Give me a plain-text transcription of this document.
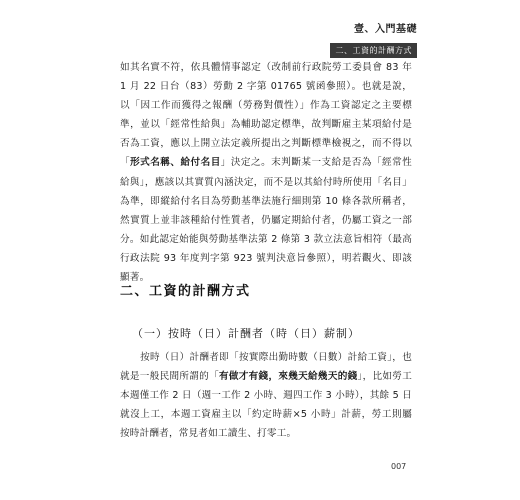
壹、入門基礎
二、工資的計酬方式

如其名實不符，依具體情事認定（改制前行政院勞工委員會 83 年 1 月 22 日台（83）勞動 2 字第 01765 號函參照）。也就是說，以「因工作而獲得之報酬（勞務對價性）」作為工資認定之主要標準，並以「經常性給與」為輔助認定標準，故判斷雇主某項給付是否為工資，應以上開立法定義所提出之判斷標準檢視之，而不得以「形式名稱、給付名目」決定之。末判斷某一支給是否為「經常性給與」，應該以其實質內涵決定，而不是以其給付時所使用「名目」為準，即縱給付名目為勞動基準法施行細則第 10 條各款所稱者，然實質上並非該種給付性質者，仍屬定期給付者，仍屬工資之一部分。如此認定始能與勞動基準法第 2 條第 3 款立法意旨相符（最高行政法院 93 年度判字第 923 號判決意旨參照），明若觀火、即該顯著。

二、工資的計酬方式
（一）按時（日）計酬者（時（日）薪制）
按時（日）計酬者即「按實際出勤時數（日數）計給工資」，也就是一般民間所謂的「有做才有錢，來幾天給幾天的錢」，比如勞工本週僅工作 2 日（週一工作 2 小時、週四工作 3 小時），其餘 5 日就沒上工，本週工資雇主以「約定時薪×5 小時」計薪，勞工則屬按時計酬者，常見者如工讀生、打零工。
007
